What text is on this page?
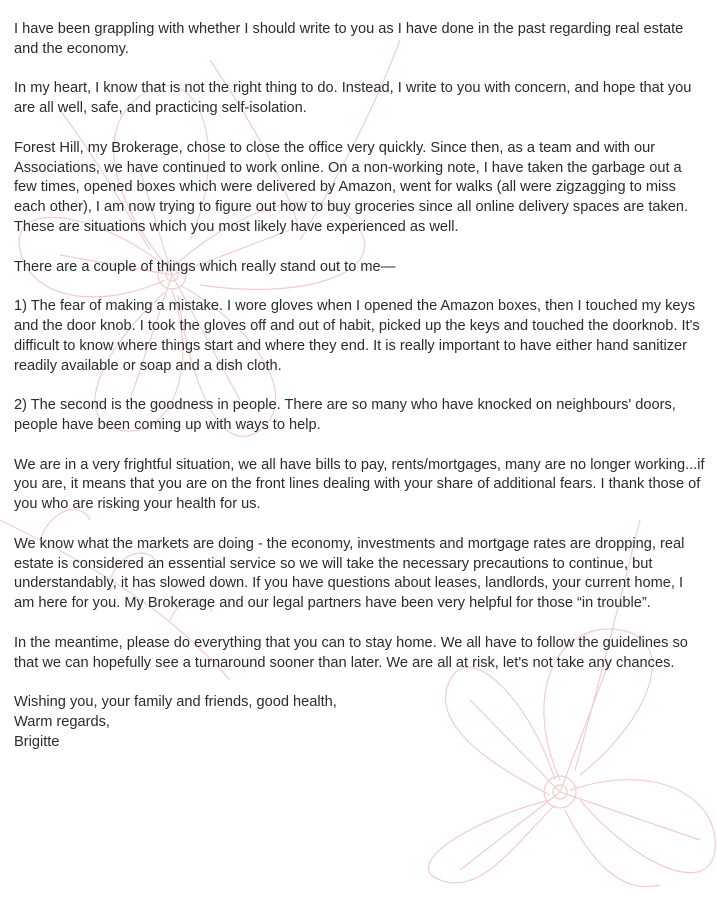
I have been grappling with whether I should write to you as I have done in the past regarding real estate and the economy.

In my heart, I know that is not the right thing to do. Instead, I write to you with concern, and hope that you are all well, safe, and practicing self-isolation.

Forest Hill, my Brokerage, chose to close the office very quickly. Since then, as a team and with our Associations, we have continued to work online. On a non-working note, I have taken the garbage out a few times, opened boxes which were delivered by Amazon, went for walks (all were zigzagging to miss each other), I am now trying to figure out how to buy groceries since all online delivery spaces are taken. These are situations which you most likely have experienced as well.

There are a couple of things which really stand out to me—

1) The fear of making a mistake. I wore gloves when I opened the Amazon boxes, then I touched my keys and the door knob. I took the gloves off and out of habit, picked up the keys and touched the doorknob. It's difficult to know where things start and where they end. It is really important to have either hand sanitizer readily available or soap and a dish cloth.

2) The second is the goodness in people. There are so many who have knocked on neighbours' doors, people have been coming up with ways to help.

We are in a very frightful situation, we all have bills to pay, rents/mortgages, many are no longer working...if you are, it means that you are on the front lines dealing with your share of additional fears. I thank those of you who are risking your health for us.

We know what the markets are doing - the economy, investments and mortgage rates are dropping, real estate is considered an essential service so we will take the necessary precautions to continue, but understandably, it has slowed down. If you have questions about leases, landlords, your current home, I am here for you. My Brokerage and our legal partners have been very helpful for those “in trouble”.

In the meantime, please do everything that you can to stay home. We all have to follow the guidelines so that we can hopefully see a turnaround sooner than later. We are all at risk, let's not take any chances.

Wishing you, your family and friends, good health,
Warm regards,
Brigitte
